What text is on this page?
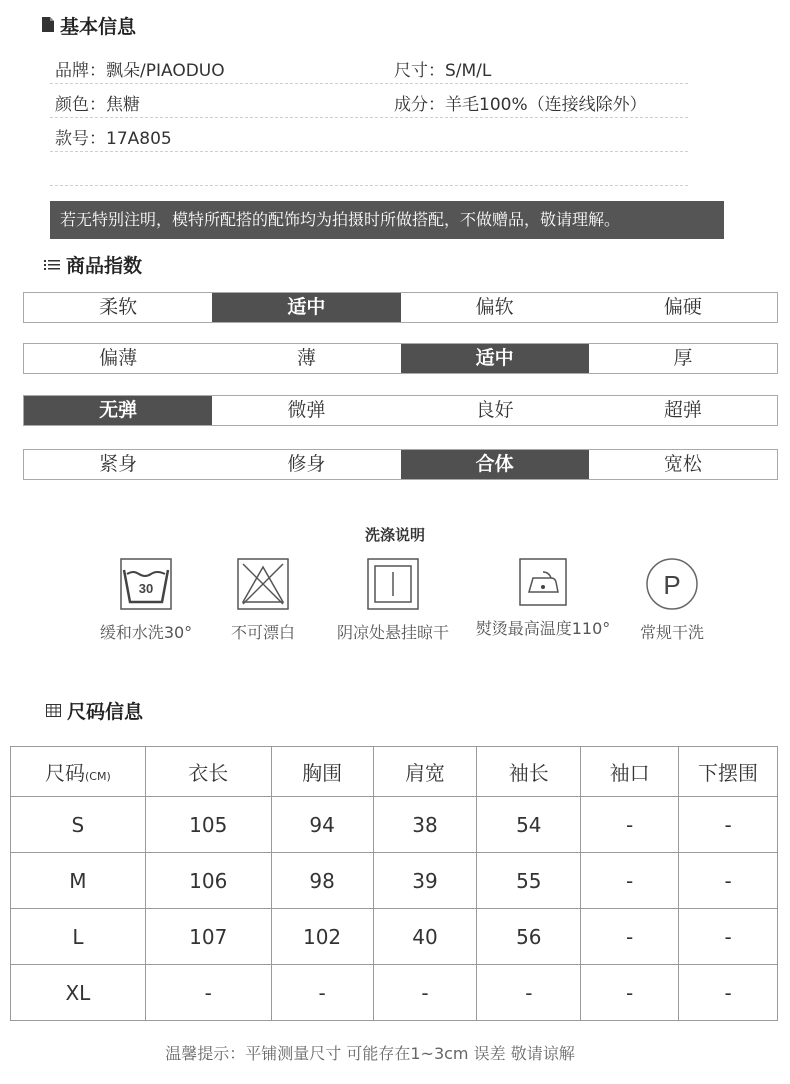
基本信息
品牌：飘朵/PIAODUO	尺寸：S/M/L
颜色：焦糖	成分：羊毛100%（连接线除外）
款号：17A805
若无特别注明，模特所配搭的配饰均为拍摄时所做搭配，不做赠品，敬请理解。
商品指数
柔软	适中	偏软	偏硬
偏薄	薄	适中	厚
无弹	微弹	良好	超弹
紧身	修身	合体	宽松
洗涤说明
30
缓和水洗30°	不可漂白	阴凉处悬挂晾干	熨烫最高温度110°
P
常规干洗
尺码信息
尺码(CM)	衣长	胸围	肩宽	袖长	袖口	下摆围
S	105	94	38	54	-	-
M	106	98	39	55	-	-
L	107	102	40	56	-	-
XL	-	-	-	-	-	-
温馨提示：平铺测量尺寸 可能存在1~3cm 误差 敬请谅解
